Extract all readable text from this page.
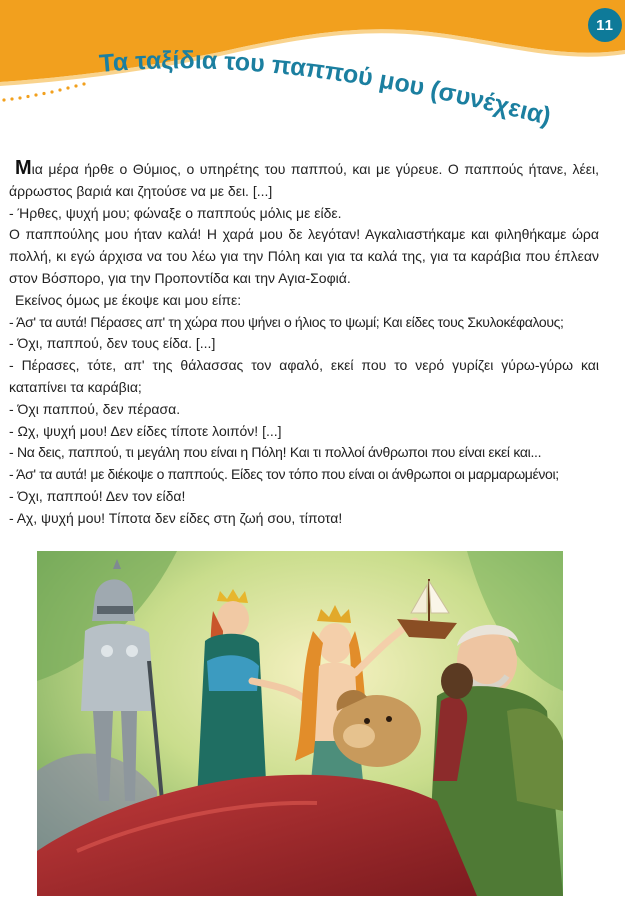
11
Τα ταξίδια του παππού μου (συνέχεια)

Μια μέρα ήρθε ο Θύμιος, ο υπηρέτης του παππού, και με γύρευε. Ο παππούς ήτανε, λέει, άρρωστος βαριά και ζητούσε να με δει. [...]

- Ήρθες, ψυχή μου; φώναξε ο παππούς μόλις με είδε.

Ο παππούλης μου ήταν καλά! Η χαρά μου δε λεγόταν! Αγκαλιαστήκαμε και φιληθήκαμε ώρα πολλή, κι εγώ άρχισα να του λέω για την Πόλη και για τα καλά της, για τα καράβια που έπλεαν στον Βόσπορο, για την Προποντίδα και την Αγια-Σοφιά.

Εκείνος όμως με έκοψε και μου είπε:

- Άσ' τα αυτά! Πέρασες απ' τη χώρα που ψήνει ο ήλιος το ψωμί; Και είδες τους Σκυλοκέφαλους;

- Όχι, παππού, δεν τους είδα. [...]

- Πέρασες, τότε, απ' της θάλασσας τον αφαλό, εκεί που το νερό γυρίζει γύρω-γύρω και καταπίνει τα καράβια;

- Όχι παππού, δεν πέρασα.

- Ωχ, ψυχή μου! Δεν είδες τίποτε λοιπόν! [...]

- Να δεις, παππού, τι μεγάλη που είναι η Πόλη! Και τι πολλοί άνθρωποι που είναι εκεί και...

- Άσ' τα αυτά! με διέκοψε ο παππούς. Είδες τον τόπο που είναι οι άνθρωποι οι μαρμαρωμένοι;

- Όχι, παππού! Δεν τον είδα!

- Αχ, ψυχή μου! Τίποτα δεν είδες στη ζωή σου, τίποτα!
